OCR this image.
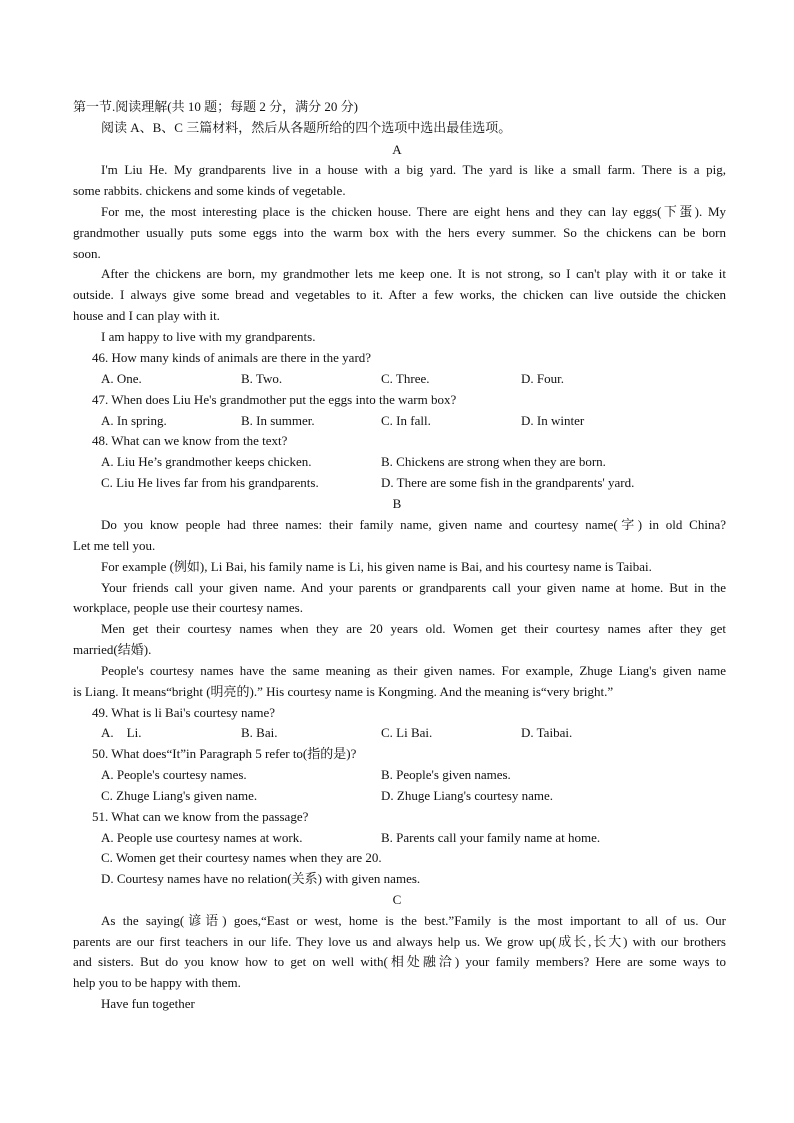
第一节.阅读理解(共 10 题；每题 2 分，满分 20 分)
阅读 A、B、C 三篇材料，然后从各题所给的四个选项中选出最佳选项。
A
I'm Liu He. My grandparents live in a house with a big yard. The yard is like a small farm. There is a pig,
some rabbits. chickens and some kinds of vegetable.
For me, the most interesting place is the chicken house. There are eight hens and they can lay eggs(下蛋). My
grandmother usually puts some eggs into the warm box with the hers every summer. So the chickens can be born
soon.
After the chickens are born, my grandmother lets me keep one. It is not strong, so I can't play with it or take it
outside. I always give some bread and vegetables to it. After a few works, the chicken can live outside the chicken
house and I can play with it.
I am happy to live with my grandparents.
46. How many kinds of animals are there in the yard?
A. One.	B. Two.	C. Three.	D. Four.
47. When does Liu He's grandmother put the eggs into the warm box?
A. In spring.	B. In summer.	C. In fall.	D. In winter
48. What can we know from the text?
A. Liu He’s grandmother keeps chicken.	B. Chickens are strong when they are born.
C. Liu He lives far from his grandparents.	D. There are some fish in the grandparents' yard.
B
Do you know people had three names: their family name, given name and courtesy name(字) in old China?
Let me tell you.
For example (例如), Li Bai, his family name is Li, his given name is Bai, and his courtesy name is Taibai.
Your friends call your given name. And your parents or grandparents call your given name at home. But in the
workplace, people use their courtesy names.
Men get their courtesy names when they are 20 years old. Women get their courtesy names after they get
married(结婚).
People's courtesy names have the same meaning as their given names. For example, Zhuge Liang's given name
is Liang. It means“bright (明亮的).” His courtesy name is Kongming. And the meaning is“very bright.”
49. What is li Bai's courtesy name?
A.    Li.	B. Bai.	C. Li Bai.	D. Taibai.
50. What does“It”in Paragraph 5 refer to(指的是)?
A. People's courtesy names.	B. People's given names.
C. Zhuge Liang's given name.	D. Zhuge Liang's courtesy name.
51. What can we know from the passage?
A. People use courtesy names at work.	B. Parents call your family name at home.
C. Women get their courtesy names when they are 20.
D. Courtesy names have no relation(关系) with given names.
C
As the saying(谚语) goes,“East or west, home is the best.”Family is the most important to all of us. Our
parents are our first teachers in our life. They love us and always help us. We grow up(成长,长大) with our brothers
and sisters. But do you know how to get on well with(相处融洽) your family members? Here are some ways to
help you to be happy with them.
Have fun together
